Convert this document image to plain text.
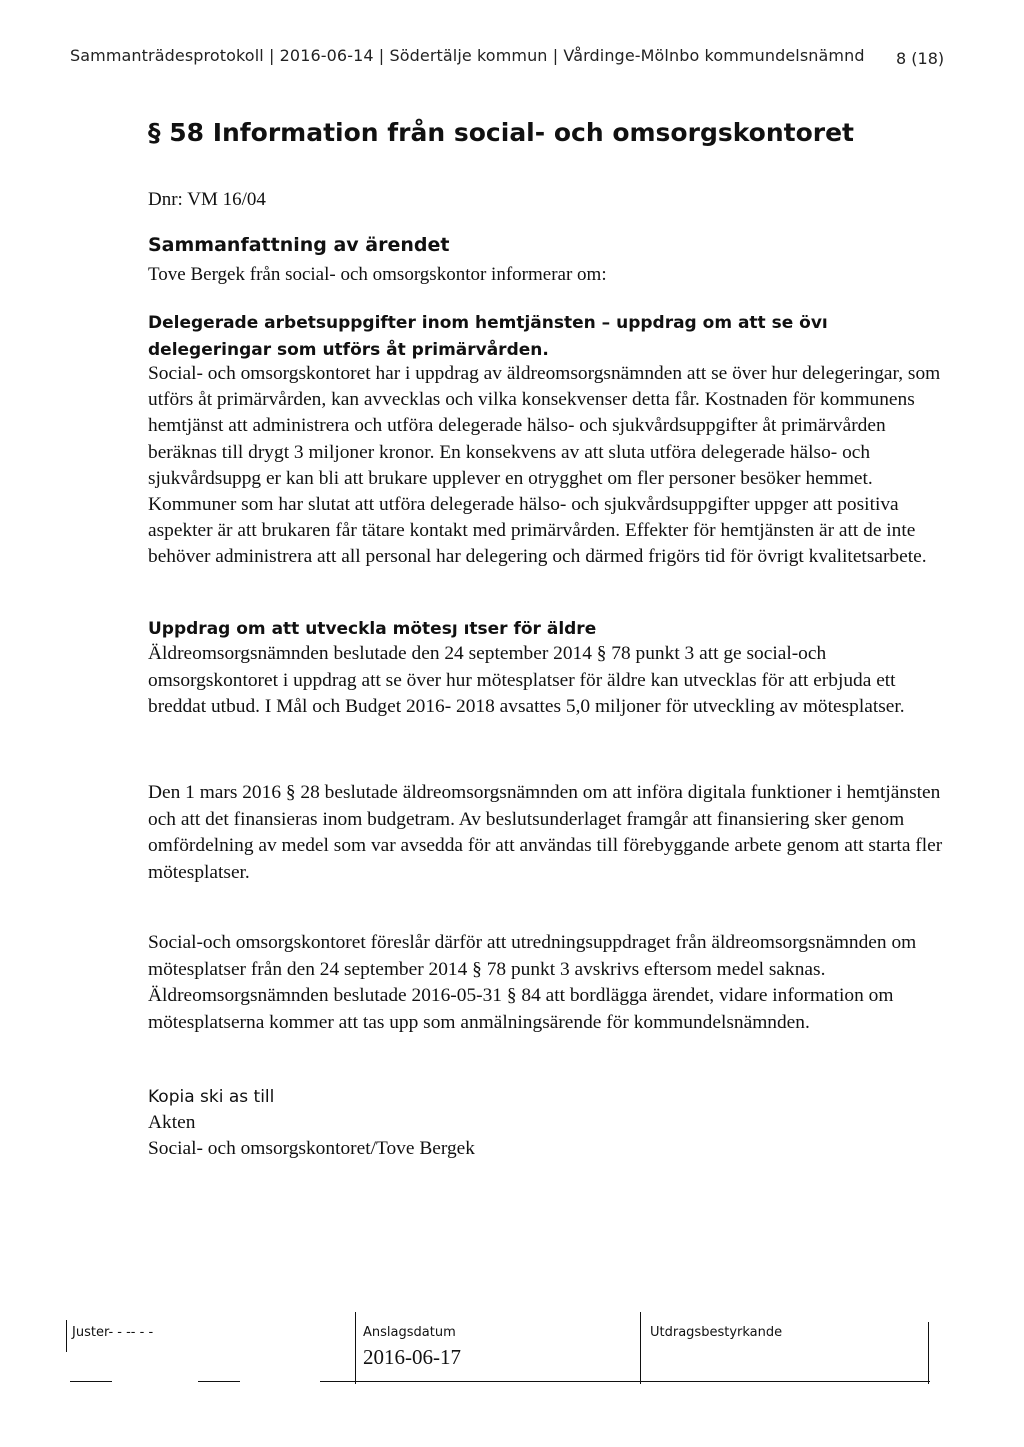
Sammanträdesprotokoll | 2016-06-14 | Södertälje kommun | Vårdinge-Mölnbo kommundelsnämnd 8 (18)
§ 58 Information från social- och omsorgskontoret
Dnr: VM 16/04
Sammanfattning av ärendet
Tove Bergek från social- och omsorgskontor informerar om:
Delegerade arbetsuppgifter inom hemtjänsten – uppdrag om att se övı
delegeringar som utförs åt primärvården.
Social- och omsorgskontoret har i uppdrag av äldreomsorgsnämnden att se över hur delegeringar, som utförs åt primärvården, kan avvecklas och vilka konsekvenser detta får. Kostnaden för kommunens hemtjänst att administrera och utföra delegerade hälso- och sjukvårdsuppgifter åt primärvården beräknas till drygt 3 miljoner kronor. En konsekvens av att sluta utföra delegerade hälso- och sjukvårdsuppg er kan bli att brukare upplever en otrygghet om fler personer besöker hemmet. Kommuner som har slutat att utföra delegerade hälso- och sjukvårdsuppgifter uppger att positiva aspekter är att brukaren får tätare kontakt med primärvården. Effekter för hemtjänsten är att de inte behöver administrera att all personal har delegering och därmed frigörs tid för övrigt kvalitetsarbete.
Uppdrag om att utveckla mötesȷ ıtser för äldre
Äldreomsorgsnämnden beslutade den 24 september 2014 § 78 punkt 3 att ge social-och omsorgskontoret i uppdrag att se över hur mötesplatser för äldre kan utvecklas för att erbjuda ett breddat utbud. I Mål och Budget 2016- 2018 avsattes 5,0 miljoner för utveckling av mötesplatser.
Den 1 mars 2016 § 28 beslutade äldreomsorgsnämnden om att införa digitala funktioner i hemtjänsten och att det finansieras inom budgetram. Av beslutsunderlaget framgår att finansiering sker genom omfördelning av medel som var avsedda för att användas till förebyggande arbete genom att starta fler mötesplatser.
Social-och omsorgskontoret föreslår därför att utredningsuppdraget från äldreomsorgsnämnden om mötesplatser från den 24 september 2014 § 78 punkt 3 avskrivs eftersom medel saknas. Äldreomsorgsnämnden beslutade 2016-05-31 § 84 att bordlägga ärendet, vidare information om mötesplatserna kommer att tas upp som anmälningsärende för kommundelsnämnden.
Kopia ski as till
Akten
Social- och omsorgskontoret/Tove Bergek
Juster- - -- - -	Anslagsdatum
2016-06-17
Utdragsbestyrkande
